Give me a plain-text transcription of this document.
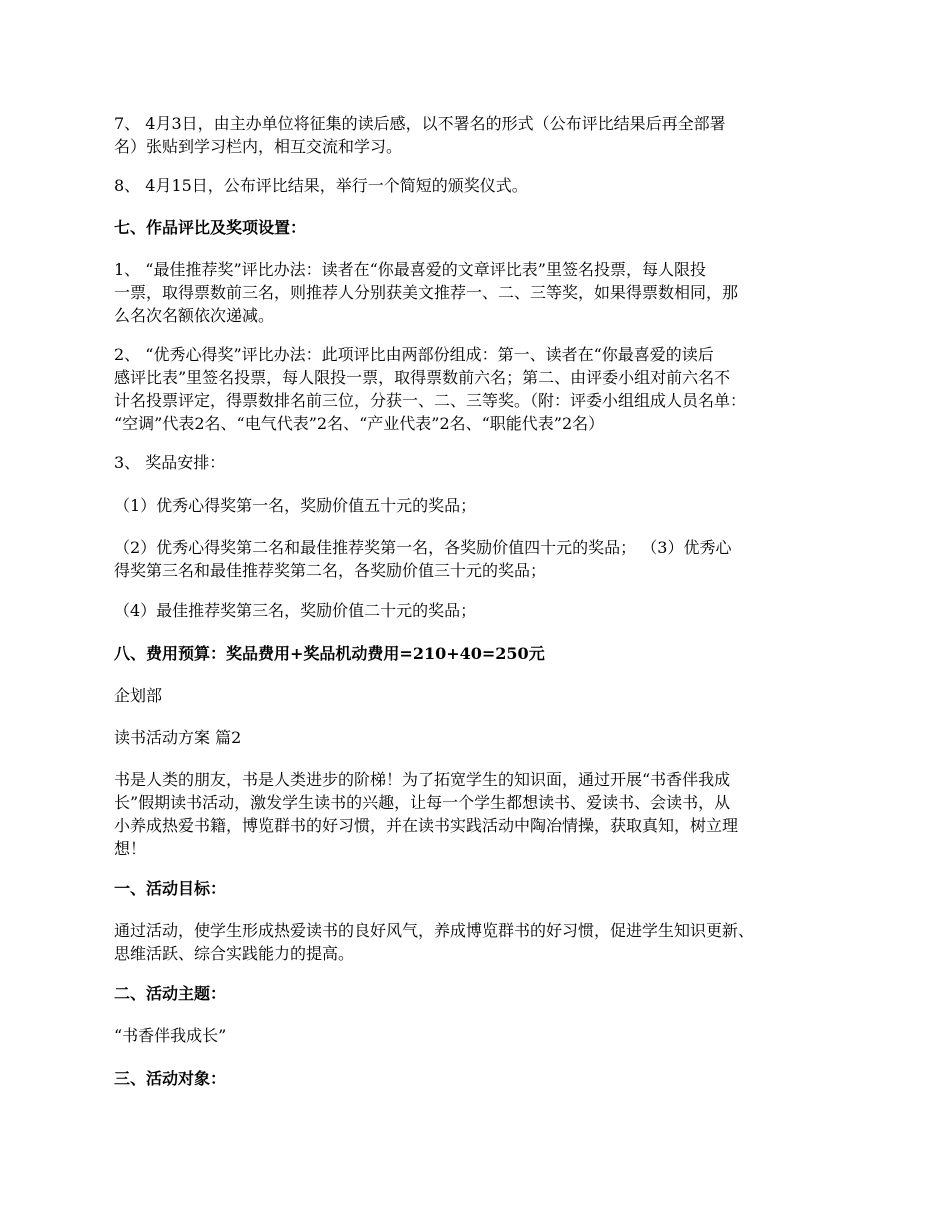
7、 4月3日，由主办单位将征集的读后感，以不署名的形式（公布评比结果后再全部署
名）张贴到学习栏内，相互交流和学习。

8、 4月15日，公布评比结果，举行一个简短的颁奖仪式。

七、作品评比及奖项设置：

1、 “最佳推荐奖”评比办法：读者在“你最喜爱的文章评比表”里签名投票，每人限投
一票，取得票数前三名，则推荐人分别获美文推荐一、二、三等奖，如果得票数相同，那
么名次名额依次递减。

2、 “优秀心得奖”评比办法：此项评比由两部份组成：第一、读者在“你最喜爱的读后
感评比表”里签名投票，每人限投一票，取得票数前六名；第二、由评委小组对前六名不
计名投票评定，得票数排名前三位，分获一、二、三等奖。（附：评委小组组成人员名单：
“空调”代表2名、“电气代表”2名、“产业代表”2名、“职能代表”2名）

3、 奖品安排：

（1）优秀心得奖第一名，奖励价值五十元的奖品；

（2）优秀心得奖第二名和最佳推荐奖第一名，各奖励价值四十元的奖品； （3）优秀心
得奖第三名和最佳推荐奖第二名，各奖励价值三十元的奖品；

（4）最佳推荐奖第三名，奖励价值二十元的奖品；

八、费用预算：奖品费用+奖品机动费用=210+40=250元

企划部

读书活动方案 篇2

书是人类的朋友，书是人类进步的阶梯！为了拓宽学生的知识面，通过开展“书香伴我成
长”假期读书活动，激发学生读书的兴趣，让每一个学生都想读书、爱读书、会读书，从
小养成热爱书籍，博览群书的好习惯，并在读书实践活动中陶冶情操，获取真知，树立理
想！

一、活动目标：

通过活动，使学生形成热爱读书的良好风气，养成博览群书的好习惯，促进学生知识更新、
思维活跃、综合实践能力的提高。

二、活动主题：

“书香伴我成长”

三、活动对象：
